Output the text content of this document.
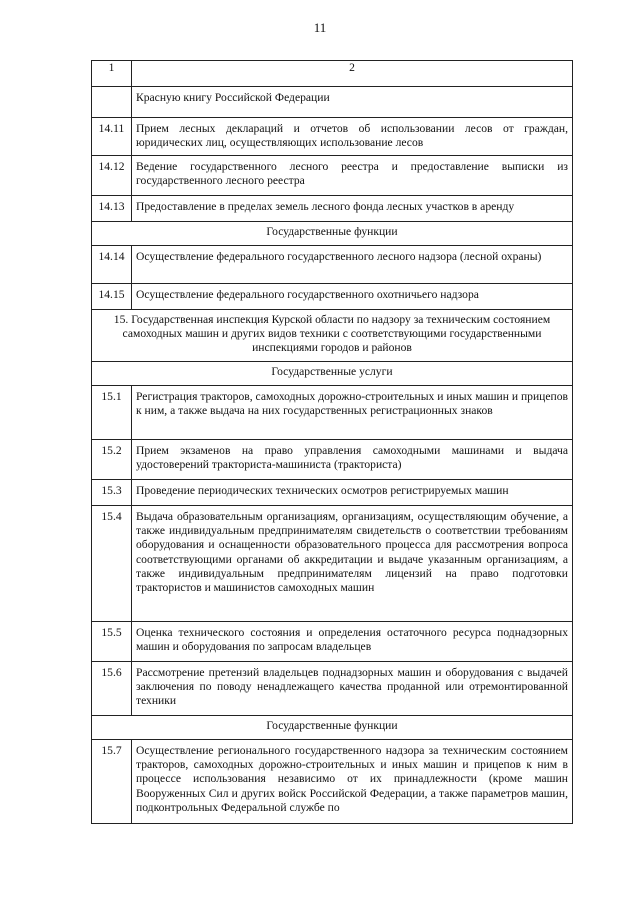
11
1	2
	Красную книгу Российской Федерации
14.11	Прием лесных деклараций и отчетов об использовании лесов от граждан, юридических лиц, осуществляющих использование лесов
14.12	Ведение государственного лесного реестра и предоставление выписки из государственного лесного реестра
14.13	Предоставление в пределах земель лесного фонда лесных участков в аренду
Государственные функции	
14.14	Осуществление федерального государственного лесного надзора (лесной охраны)
14.15	Осуществление федерального государственного охотничьего надзора
15. Государственная инспекция Курской области по надзору за техническим состоянием самоходных машин и других видов техники с соответствующими государственными инспекциями городов и районов	
Государственные услуги	
15.1	Регистрация тракторов, самоходных дорожно-строительных и иных машин и прицепов к ним, а также выдача на них государственных регистрационных знаков
15.2	Прием экзаменов на право управления самоходными машинами и выдача удостоверений тракториста-машиниста (тракториста)
15.3	Проведение периодических технических осмотров регистрируемых машин
15.4	Выдача образовательным организациям, организациям, осуществляющим обучение, а также индивидуальным предпринимателям свидетельств о соответствии требованиям оборудования и оснащенности образовательного процесса для рассмотрения вопроса соответствующими органами об аккредитации и выдаче указанным организациям, а также индивидуальным предпринимателям лицензий на право подготовки трактористов и машинистов самоходных машин
15.5	Оценка технического состояния и определения остаточного ресурса поднадзорных машин и оборудования по запросам владельцев
15.6	Рассмотрение претензий владельцев поднадзорных машин и оборудования с выдачей заключения по поводу ненадлежащего качества проданной или отремонтированной техники
Государственные функции	
15.7	Осуществление регионального государственного надзора за техническим состоянием тракторов, самоходных дорожно-строительных и иных машин и прицепов к ним в процессе использования независимо от их принадлежности (кроме машин Вооруженных Сил и других войск Российской Федерации, а также параметров машин, подконтрольных Федеральной службе по
